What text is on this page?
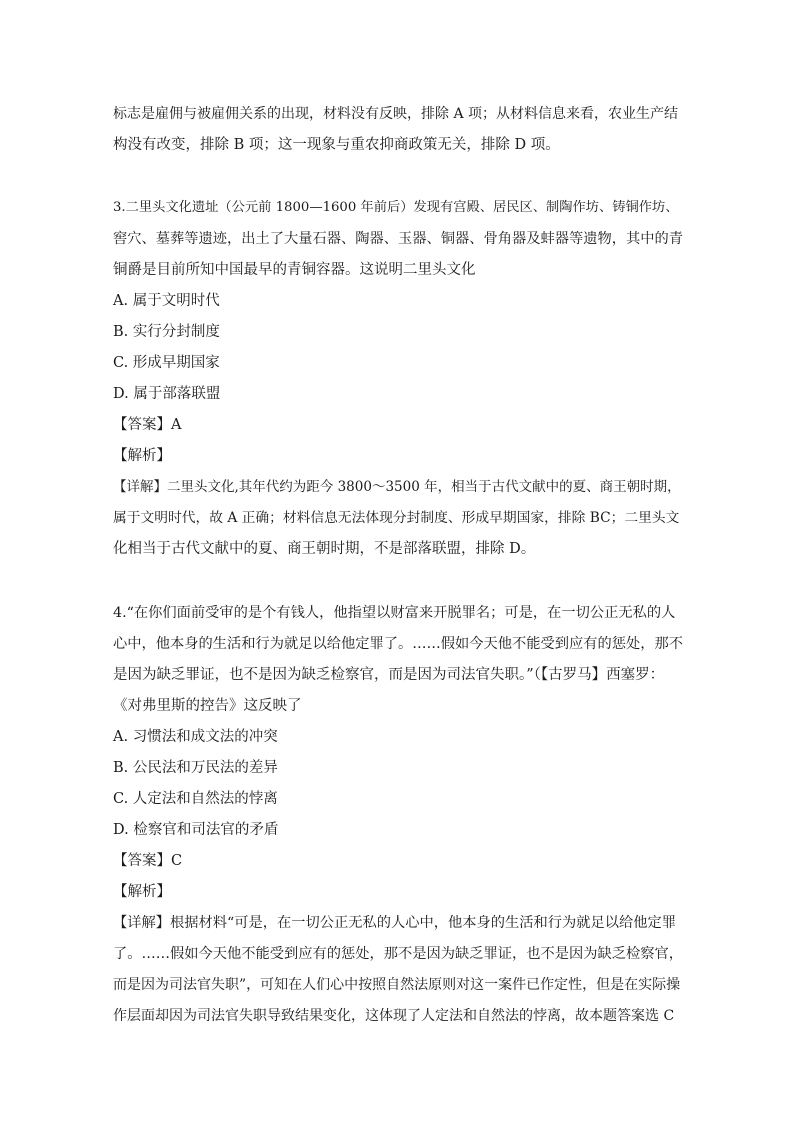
标志是雇佣与被雇佣关系的出现，材料没有反映，排除 A 项；从材料信息来看，农业生产结

构没有改变，排除 B 项；这一现象与重农抑商政策无关，排除 D 项。

3.二里头文化遗址（公元前 1800—1600 年前后）发现有宫殿、居民区、制陶作坊、铸铜作坊、

窖穴、墓葬等遗迹，出土了大量石器、陶器、玉器、铜器、骨角器及蚌器等遗物，其中的青

铜爵是目前所知中国最早的青铜容器。这说明二里头文化

A. 属于文明时代

B. 实行分封制度

C. 形成早期国家

D. 属于部落联盟

【答案】A

【解析】

【详解】二里头文化,其年代约为距今 3800～3500 年，相当于古代文献中的夏、商王朝时期，

属于文明时代，故 A 正确；材料信息无法体现分封制度、形成早期国家，排除 BC；二里头文

化相当于古代文献中的夏、商王朝时期，不是部落联盟，排除 D。

4.“在你们面前受审的是个有钱人，他指望以财富来开脱罪名；可是，在一切公正无私的人

心中，他本身的生活和行为就足以给他定罪了。……假如今天他不能受到应有的惩处，那不

是因为缺乏罪证，也不是因为缺乏检察官，而是因为司法官失职。”（【古罗马】西塞罗：

《对弗里斯的控告》这反映了

A. 习惯法和成文法的冲突

B. 公民法和万民法的差异

C. 人定法和自然法的悖离

D. 检察官和司法官的矛盾

【答案】C

【解析】

【详解】根据材料“可是，在一切公正无私的人心中，他本身的生活和行为就足以给他定罪

了。……假如今天他不能受到应有的惩处，那不是因为缺乏罪证，也不是因为缺乏检察官，

而是因为司法官失职”，可知在人们心中按照自然法原则对这一案件已作定性，但是在实际操

作层面却因为司法官失职导致结果变化，这体现了人定法和自然法的悖离，故本题答案选 C
